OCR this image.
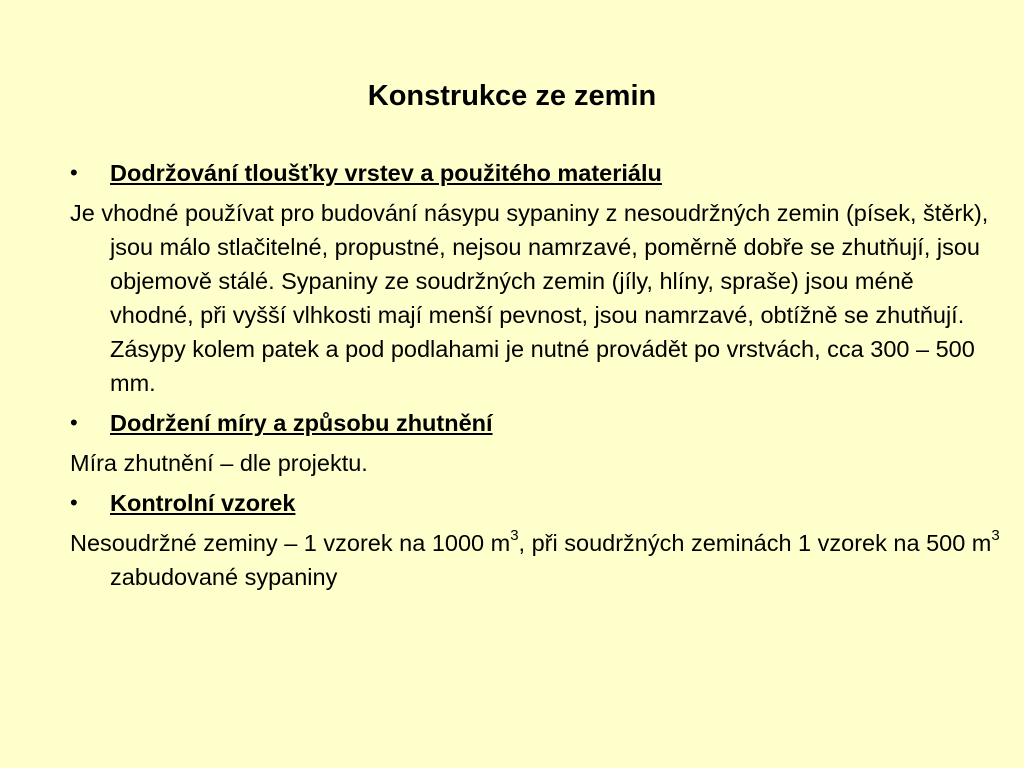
Konstrukce ze zemin
•	Dodržování tloušťky vrstev a použitého materiálu
Je vhodné používat pro budování násypu sypaniny z nesoudržných zemin (písek, štěrk), jsou málo stlačitelné, propustné, nejsou namrzavé, poměrně dobře se zhutňují, jsou objemově stálé. Sypaniny ze soudržných zemin (jíly, hlíny, spraše) jsou méně vhodné, při vyšší vlhkosti mají menší pevnost, jsou namrzavé, obtížně se zhutňují. Zásypy kolem patek a pod podlahami je nutné provádět po vrstvách, cca 300 – 500 mm.
•	Dodržení míry a způsobu zhutnění
Míra zhutnění – dle projektu.
•	Kontrolní vzorek
Nesoudržné zeminy – 1 vzorek na 1000 $m^3$, při soudržných zeminách 1 vzorek na 500 $m^3$ zabudované sypaniny
